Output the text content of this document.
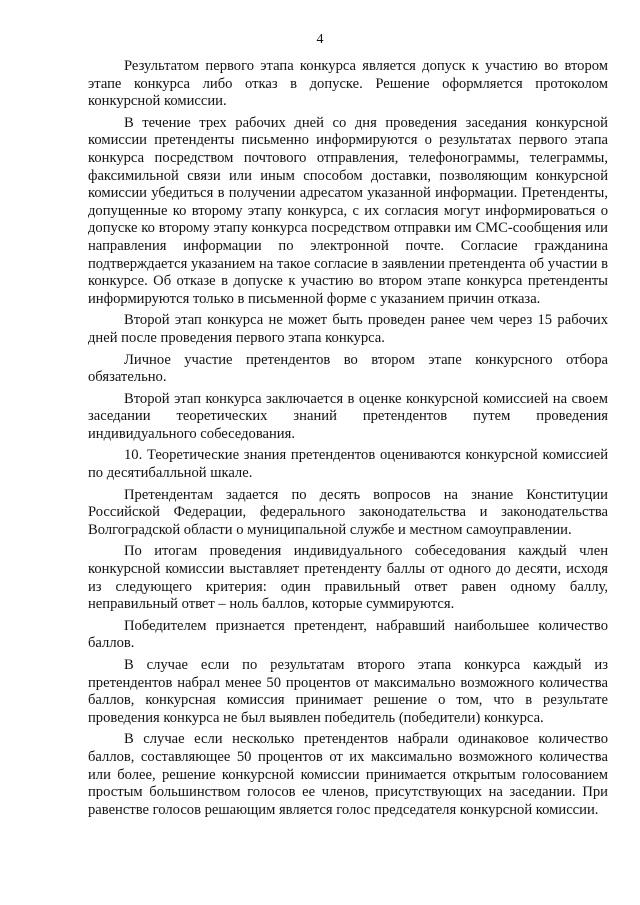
4

Результатом первого этапа конкурса является допуск к участию во втором этапе конкурса либо отказ в допуске. Решение оформляется протоколом конкурсной комиссии.

В течение трех рабочих дней со дня проведения заседания конкурсной комиссии претенденты письменно информируются о результатах первого этапа конкурса посредством почтового отправления, телефонограммы, телеграммы, факсимильной связи или иным способом доставки, позволяющим конкурсной комиссии убедиться в получении адресатом указанной информации. Претенденты, допущенные ко второму этапу конкурса, с их согласия могут информироваться о допуске ко второму этапу конкурса посредством отправки им СМС-сообщения или направления информации по электронной почте. Согласие гражданина подтверждается указанием на такое согласие в заявлении претендента об участии в конкурсе. Об отказе в допуске к участию во втором этапе конкурса претенденты информируются только в письменной форме с указанием причин отказа.

Второй этап конкурса не может быть проведен ранее чем через 15 рабочих дней после проведения первого этапа конкурса.

Личное участие претендентов во втором этапе конкурсного отбора обязательно.

Второй этап конкурса заключается в оценке конкурсной комиссией на своем заседании теоретических знаний претендентов путем проведения индивидуального собеседования.

10. Теоретические знания претендентов оцениваются конкурсной комиссией по десятибалльной шкале.

Претендентам задается по десять вопросов на знание Конституции Российской Федерации, федерального законодательства и законодательства Волгоградской области о муниципальной службе и местном самоуправлении.

По итогам проведения индивидуального собеседования каждый член конкурсной комиссии выставляет претенденту баллы от одного до десяти, исходя из следующего критерия: один правильный ответ равен одному баллу, неправильный ответ – ноль баллов, которые суммируются.

Победителем признается претендент, набравший наибольшее количество баллов.

В случае если по результатам второго этапа конкурса каждый из претендентов набрал менее 50 процентов от максимально возможного количества баллов, конкурсная комиссия принимает решение о том, что в результате проведения конкурса не был выявлен победитель (победители) конкурса.

В случае если несколько претендентов набрали одинаковое количество баллов, составляющее 50 процентов от их максимально возможного количества или более, решение конкурсной комиссии принимается открытым голосованием простым большинством голосов ее членов, присутствующих на заседании. При равенстве голосов решающим является голос председателя конкурсной комиссии.
